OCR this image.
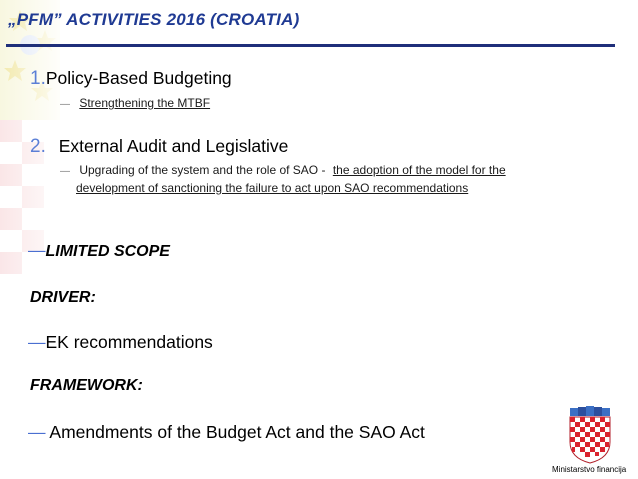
„PFM” ACTIVITIES 2016 (CROATIA)
1.Policy-Based Budgeting
— Strengthening the MTBF
2. External Audit and Legislative
— Upgrading of the system and the role of SAO - the adoption of the model for the
development of sanctioning the failure to act upon SAO recommendations
—LIMITED SCOPE
DRIVER:
—EK recommendations
FRAMEWORK:
— Amendments of the Budget Act and the SAO Act
Ministarstvo financija
